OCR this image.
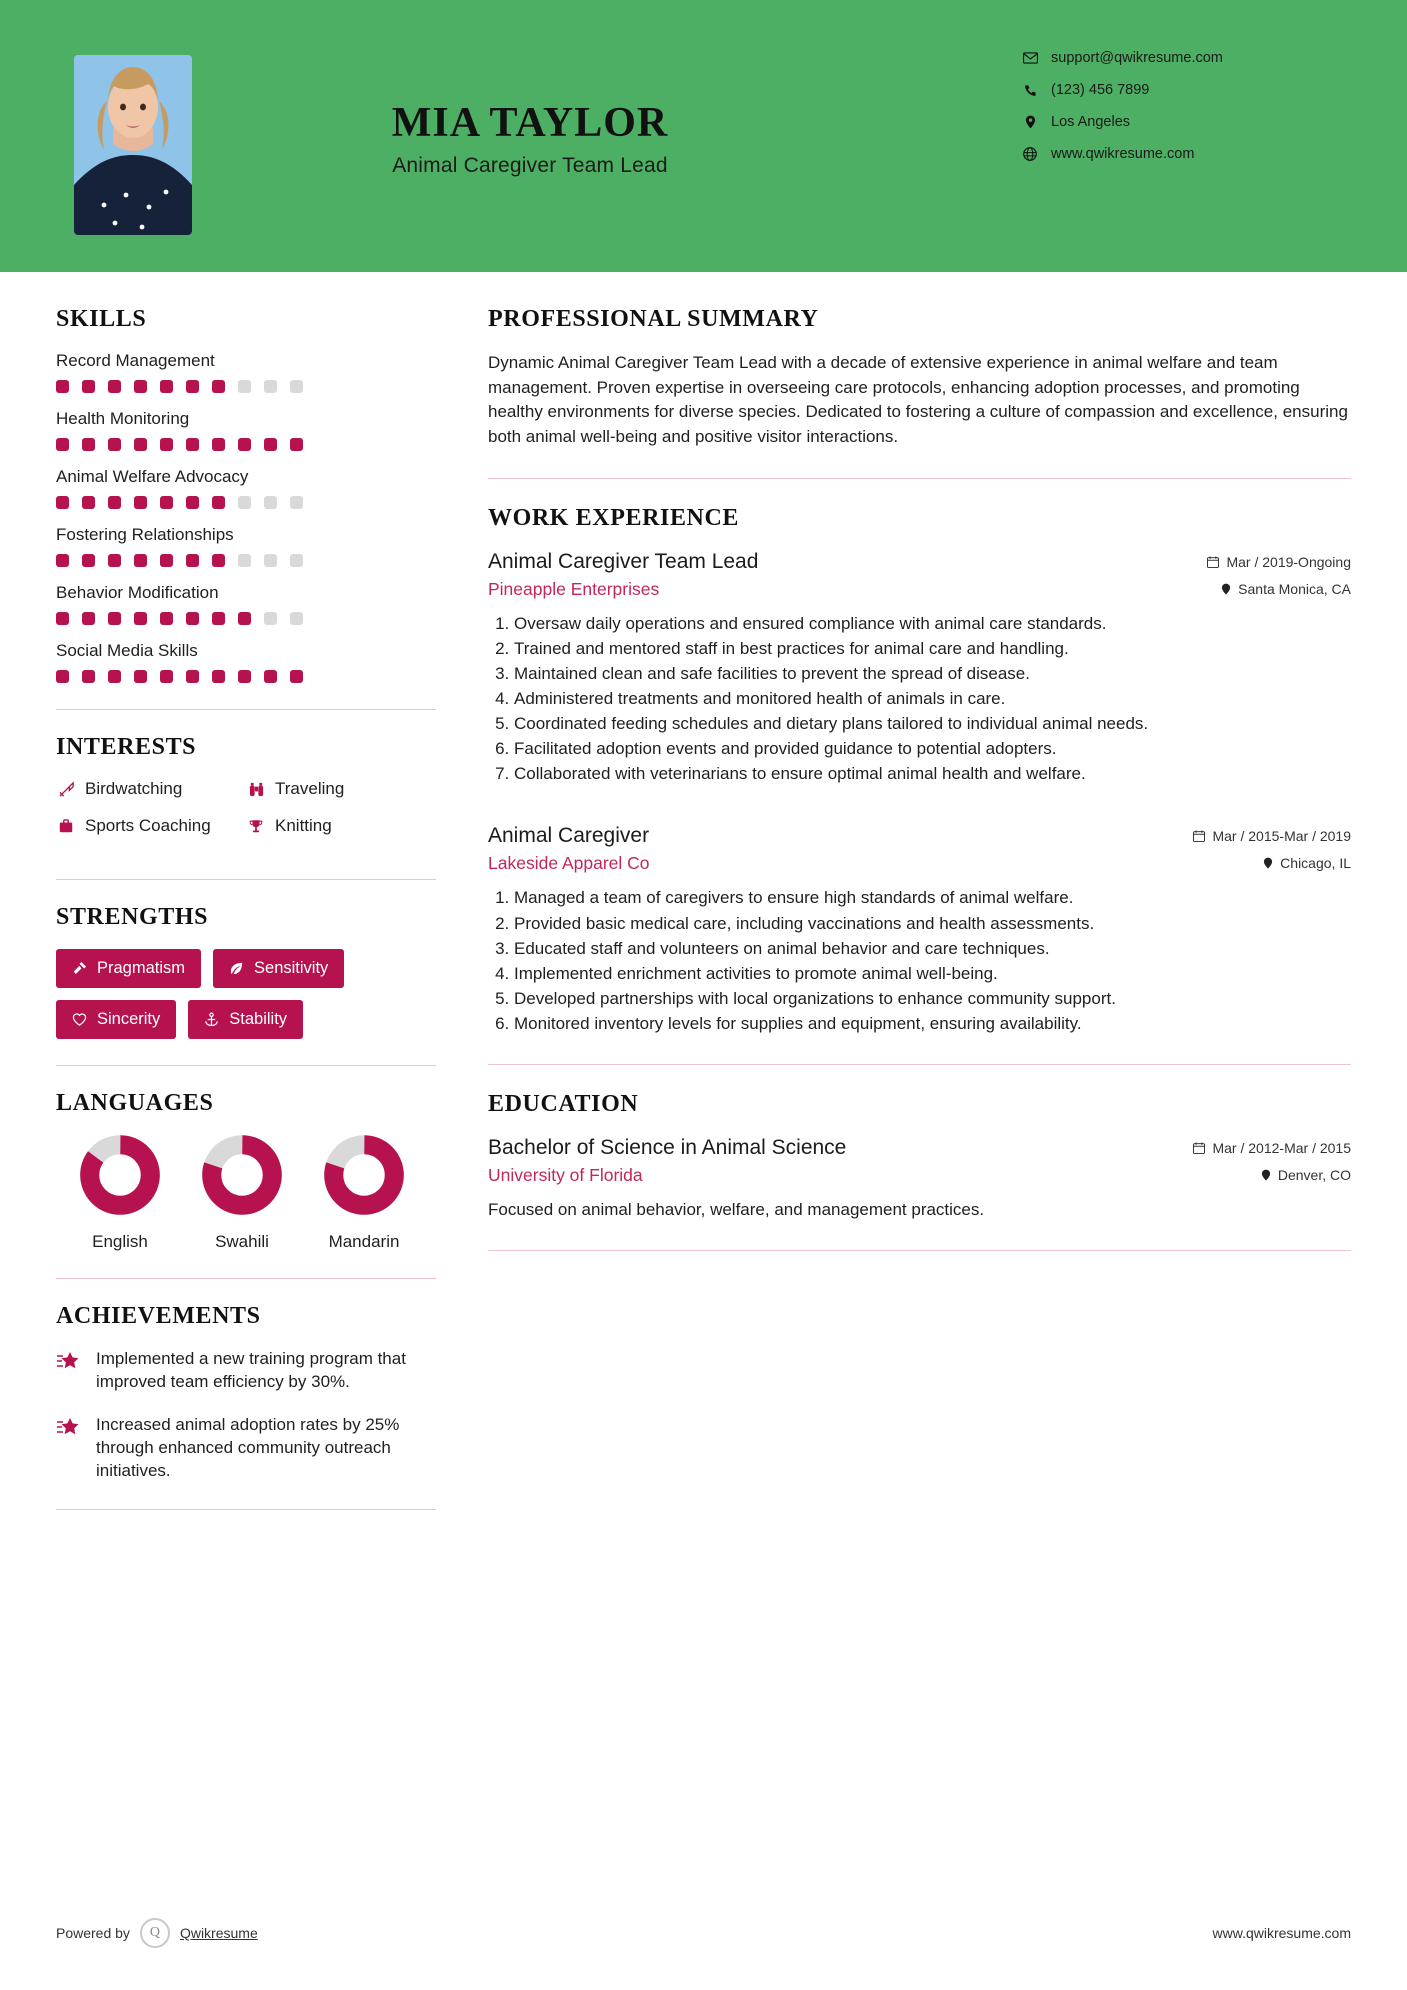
MIA TAYLOR
Animal Caregiver Team Lead
support@qwikresume.com
(123) 456 7899
Los Angeles
www.qwikresume.com
SKILLS
Record Management
Health Monitoring
Animal Welfare Advocacy
Fostering Relationships
Behavior Modification
Social Media Skills
INTERESTS
Birdwatching	Traveling
Sports Coaching	Knitting
STRENGTHS
Pragmatism	Sensitivity
Sincerity	Stability
LANGUAGES
English	Swahili	Mandarin
ACHIEVEMENTS
Implemented a new training program that improved team efficiency by 30%.
Increased animal adoption rates by 25% through enhanced community outreach initiatives.
PROFESSIONAL SUMMARY
Dynamic Animal Caregiver Team Lead with a decade of extensive experience in animal welfare and team management. Proven expertise in overseeing care protocols, enhancing adoption processes, and promoting healthy environments for diverse species. Dedicated to fostering a culture of compassion and excellence, ensuring both animal well-being and positive visitor interactions.
WORK EXPERIENCE
Animal Caregiver Team Lead	Mar / 2019-Ongoing
Pineapple Enterprises	Santa Monica, CA
1. Oversaw daily operations and ensured compliance with animal care standards.
2. Trained and mentored staff in best practices for animal care and handling.
3. Maintained clean and safe facilities to prevent the spread of disease.
4. Administered treatments and monitored health of animals in care.
5. Coordinated feeding schedules and dietary plans tailored to individual animal needs.
6. Facilitated adoption events and provided guidance to potential adopters.
7. Collaborated with veterinarians to ensure optimal animal health and welfare.
Animal Caregiver	Mar / 2015-Mar / 2019
Lakeside Apparel Co	Chicago, IL
1. Managed a team of caregivers to ensure high standards of animal welfare.
2. Provided basic medical care, including vaccinations and health assessments.
3. Educated staff and volunteers on animal behavior and care techniques.
4. Implemented enrichment activities to promote animal well-being.
5. Developed partnerships with local organizations to enhance community support.
6. Monitored inventory levels for supplies and equipment, ensuring availability.
EDUCATION
Bachelor of Science in Animal Science	Mar / 2012-Mar / 2015
University of Florida	Denver, CO
Focused on animal behavior, welfare, and management practices.
Powered by	Q	Qwikresume	www.qwikresume.com
